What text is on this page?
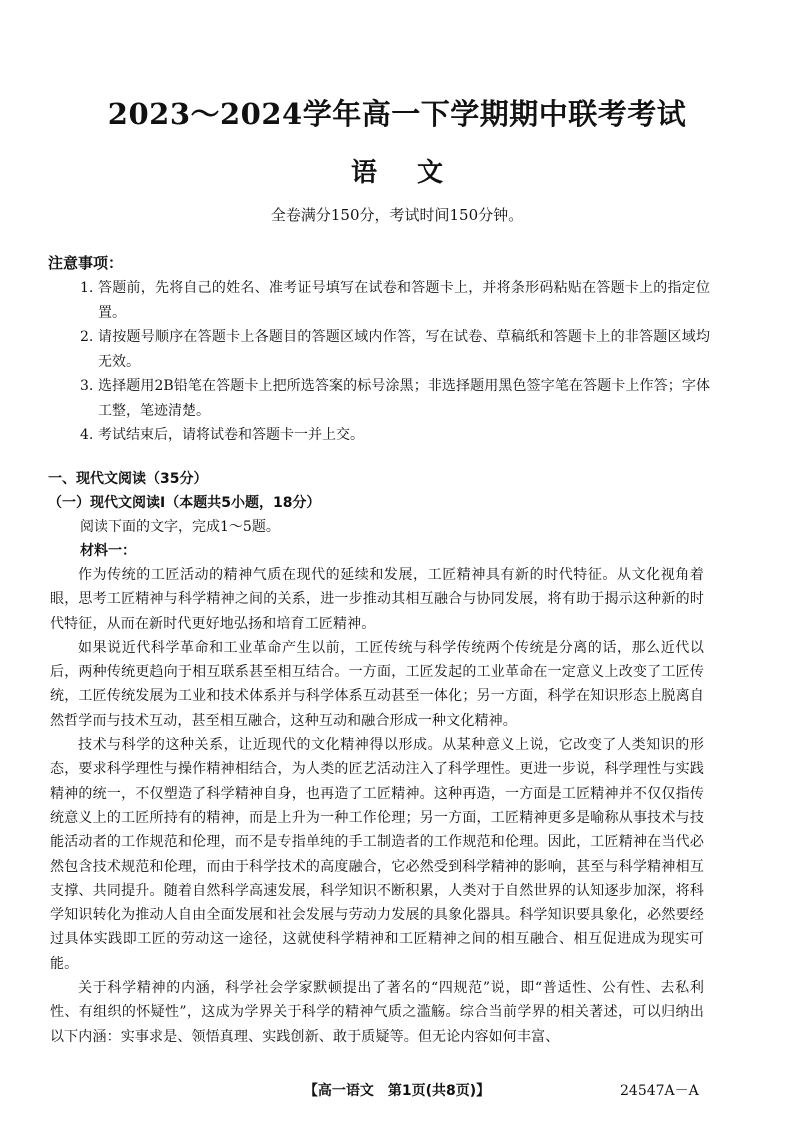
2023～2024学年高一下学期期中联考考试
语文
全卷满分150分，考试时间150分钟。
注意事项：
1. 答题前，先将自己的姓名、准考证号填写在试卷和答题卡上，并将条形码粘贴在答题卡上的指定位置。
2. 请按题号顺序在答题卡上各题目的答题区域内作答，写在试卷、草稿纸和答题卡上的非答题区域均无效。
3. 选择题用2B铅笔在答题卡上把所选答案的标号涂黑；非选择题用黑色签字笔在答题卡上作答；字体工整，笔迹清楚。
4. 考试结束后，请将试卷和答题卡一并上交。
一、现代文阅读（35分）
（一）现代文阅读Ⅰ（本题共5小题，18分）
阅读下面的文字，完成1～5题。
材料一：

作为传统的工匠活动的精神气质在现代的延续和发展，工匠精神具有新的时代特征。从文化视角着眼，思考工匠精神与科学精神之间的关系，进一步推动其相互融合与协同发展，将有助于揭示这种新的时代特征，从而在新时代更好地弘扬和培育工匠精神。

如果说近代科学革命和工业革命产生以前，工匠传统与科学传统两个传统是分离的话，那么近代以后，两种传统更趋向于相互联系甚至相互结合。一方面，工匠发起的工业革命在一定意义上改变了工匠传统，工匠传统发展为工业和技术体系并与科学体系互动甚至一体化；另一方面，科学在知识形态上脱离自然哲学而与技术互动，甚至相互融合，这种互动和融合形成一种文化精神。

技术与科学的这种关系，让近现代的文化精神得以形成。从某种意义上说，它改变了人类知识的形态，要求科学理性与操作精神相结合，为人类的匠艺活动注入了科学理性。更进一步说，科学理性与实践精神的统一，不仅塑造了科学精神自身，也再造了工匠精神。这种再造，一方面是工匠精神并不仅仅指传统意义上的工匠所持有的精神，而是上升为一种工作伦理；另一方面，工匠精神更多是喻称从事技术与技能活动者的工作规范和伦理，而不是专指单纯的手工制造者的工作规范和伦理。因此，工匠精神在当代必然包含技术规范和伦理，而由于科学技术的高度融合，它必然受到科学精神的影响，甚至与科学精神相互支撑、共同提升。随着自然科学高速发展，科学知识不断积累，人类对于自然世界的认知逐步加深，将科学知识转化为推动人自由全面发展和社会发展与劳动力发展的具象化器具。科学知识要具象化，必然要经过具体实践即工匠的劳动这一途径，这就使科学精神和工匠精神之间的相互融合、相互促进成为现实可能。

关于科学精神的内涵，科学社会学家默顿提出了著名的“四规范”说，即“普适性、公有性、去私利性、有组织的怀疑性”，这成为学界关于科学的精神气质之滥觞。综合当前学界的相关著述，可以归纳出以下内涵：实事求是、领悟真理、实践创新、敢于质疑等。但无论内容如何丰富、

【高一语文　第1页(共8页)】	24547A－A
